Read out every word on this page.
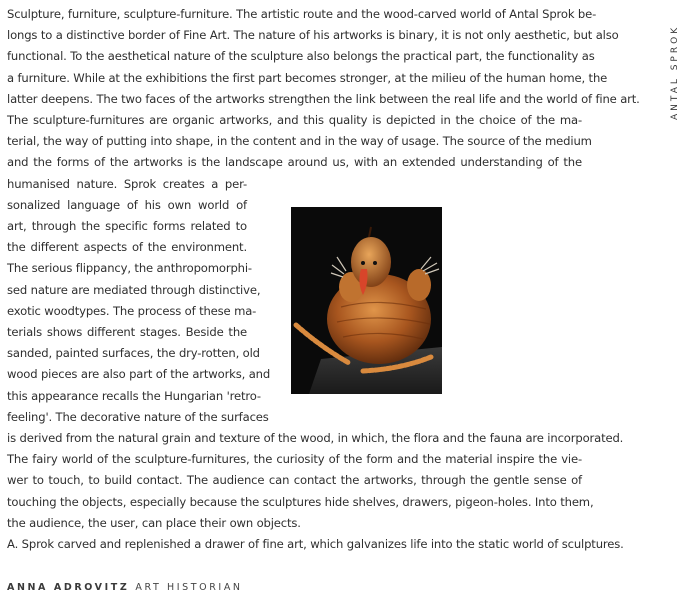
ANTAL SPROK
Sculpture, furniture, sculpture-furniture. The artistic route and the wood-carved world of Antal Sprok be-
longs to a distinctive border of Fine Art. The nature of his artworks is binary, it is not only aesthetic, but also
functional. To the aesthetical nature of the sculpture also belongs the practical part, the functionality as
a furniture. While at the exhibitions the first part becomes stronger, at the milieu of the human home, the
latter deepens. The two faces of the artworks strengthen the link between the real life and the world of fine art.
The sculpture-furnitures are organic artworks, and this quality is depicted in the choice of the ma-
terial, the way of putting into shape, in the content and in the way of usage. The source of the medium
and the forms of the artworks is the landscape around us, with an extended understanding of the
humanised nature. Sprok creates a per-
sonalized language of his own world of
art, through the specific forms related to
the different aspects of the environment.
The serious flippancy, the anthropomorphi-
sed nature are mediated through distinctive,
exotic woodtypes. The process of these ma-
terials shows different stages. Beside the
sanded, painted surfaces, the dry-rotten, old
wood pieces are also part of the artworks, and
this appearance recalls the Hungarian 'retro-
feeling'. The decorative nature of the surfaces
is derived from the natural grain and texture of the wood, in which, the flora and the fauna are incorporated.
The fairy world of the sculpture-furnitures, the curiosity of the form and the material inspire the vie-
wer to touch, to build contact. The audience can contact the artworks, through the gentle sense of
touching the objects, especially because the sculptures hide shelves, drawers, pigeon-holes. Into them,
the audience, the user, can place their own objects.
A. Sprok carved and replenished a drawer of fine art, which galvanizes life into the static world of sculptures.
ANNA ADROVITZ ART HISTORIAN
